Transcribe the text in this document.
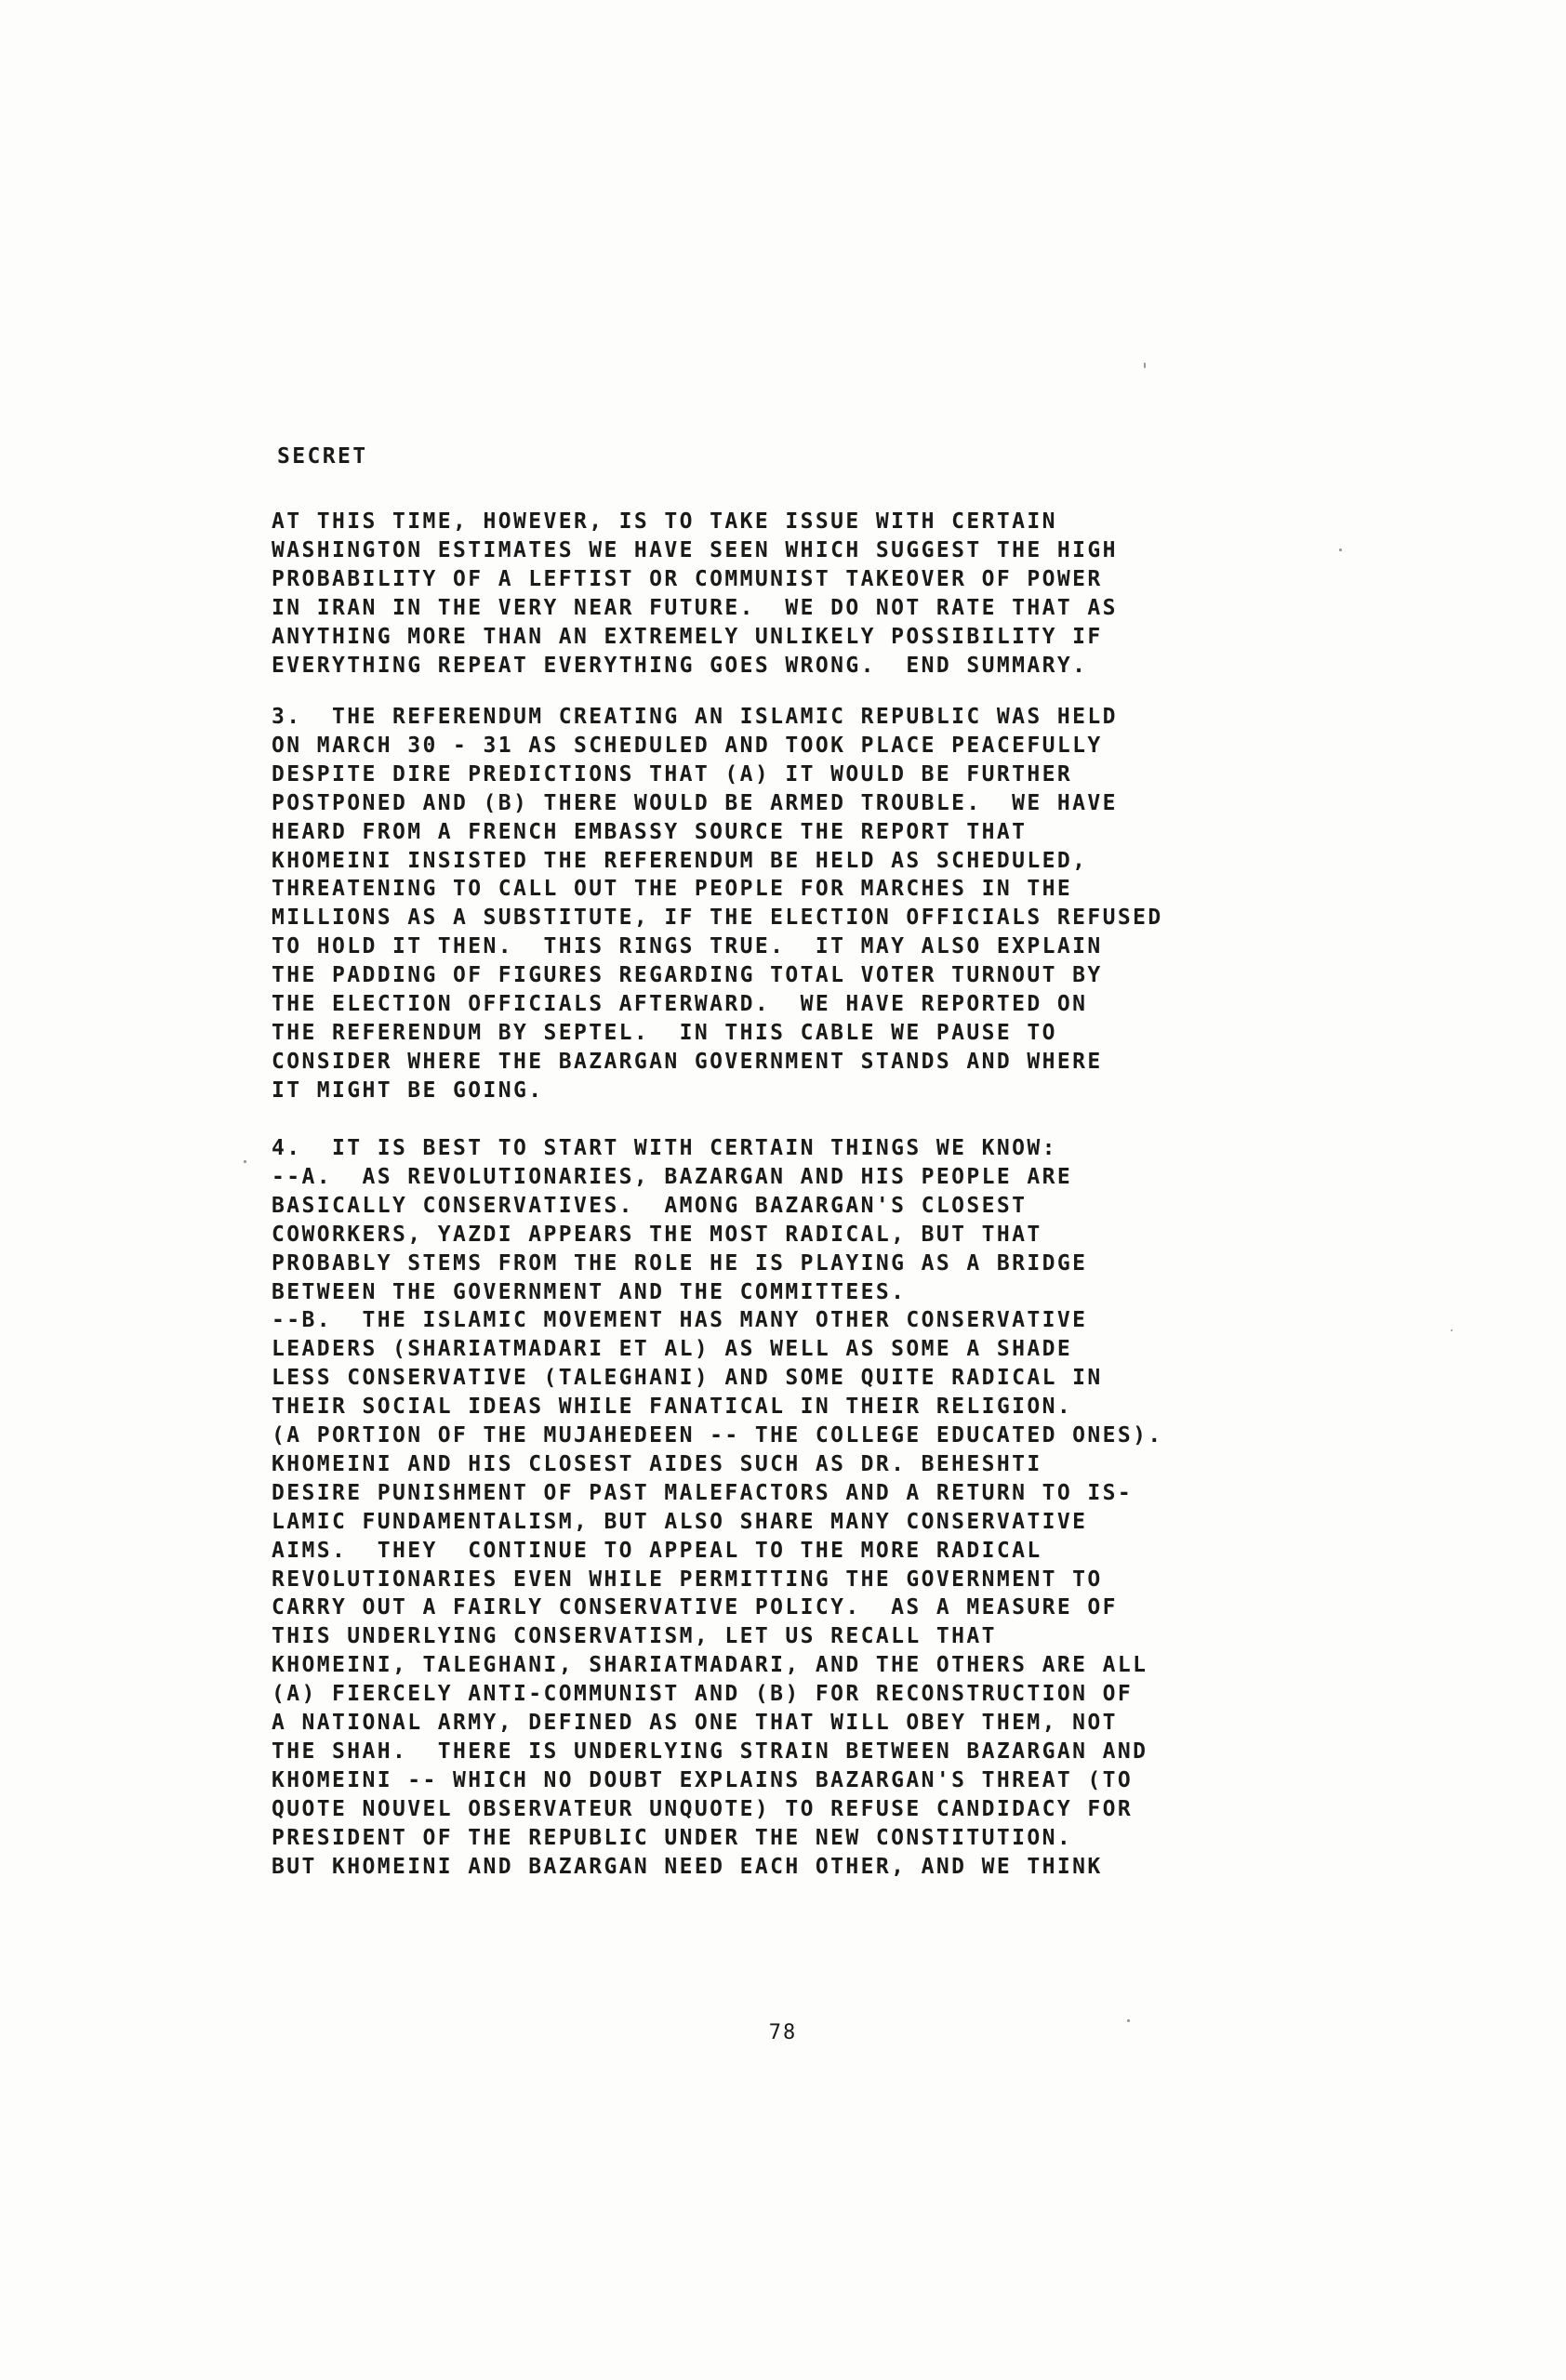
SECRET

AT THIS TIME, HOWEVER, IS TO TAKE ISSUE WITH CERTAIN

WASHINGTON ESTIMATES WE HAVE SEEN WHICH SUGGEST THE HIGH

PROBABILITY OF A LEFTIST OR COMMUNIST TAKEOVER OF POWER

IN IRAN IN THE VERY NEAR FUTURE.  WE DO NOT RATE THAT AS

ANYTHING MORE THAN AN EXTREMELY UNLIKELY POSSIBILITY IF

EVERYTHING REPEAT EVERYTHING GOES WRONG.  END SUMMARY.

3.  THE REFERENDUM CREATING AN ISLAMIC REPUBLIC WAS HELD

ON MARCH 30 - 31 AS SCHEDULED AND TOOK PLACE PEACEFULLY

DESPITE DIRE PREDICTIONS THAT (A) IT WOULD BE FURTHER

POSTPONED AND (B) THERE WOULD BE ARMED TROUBLE.  WE HAVE

HEARD FROM A FRENCH EMBASSY SOURCE THE REPORT THAT

KHOMEINI INSISTED THE REFERENDUM BE HELD AS SCHEDULED,

THREATENING TO CALL OUT THE PEOPLE FOR MARCHES IN THE

MILLIONS AS A SUBSTITUTE, IF THE ELECTION OFFICIALS REFUSED

TO HOLD IT THEN.  THIS RINGS TRUE.  IT MAY ALSO EXPLAIN

THE PADDING OF FIGURES REGARDING TOTAL VOTER TURNOUT BY

THE ELECTION OFFICIALS AFTERWARD.  WE HAVE REPORTED ON

THE REFERENDUM BY SEPTEL.  IN THIS CABLE WE PAUSE TO

CONSIDER WHERE THE BAZARGAN GOVERNMENT STANDS AND WHERE

IT MIGHT BE GOING.

4.  IT IS BEST TO START WITH CERTAIN THINGS WE KNOW:

--A.  AS REVOLUTIONARIES, BAZARGAN AND HIS PEOPLE ARE

BASICALLY CONSERVATIVES.  AMONG BAZARGAN'S CLOSEST

COWORKERS, YAZDI APPEARS THE MOST RADICAL, BUT THAT

PROBABLY STEMS FROM THE ROLE HE IS PLAYING AS A BRIDGE

BETWEEN THE GOVERNMENT AND THE COMMITTEES.

--B.  THE ISLAMIC MOVEMENT HAS MANY OTHER CONSERVATIVE

LEADERS (SHARIATMADARI ET AL) AS WELL AS SOME A SHADE

LESS CONSERVATIVE (TALEGHANI) AND SOME QUITE RADICAL IN

THEIR SOCIAL IDEAS WHILE FANATICAL IN THEIR RELIGION.

(A PORTION OF THE MUJAHEDEEN -- THE COLLEGE EDUCATED ONES).

KHOMEINI AND HIS CLOSEST AIDES SUCH AS DR. BEHESHTI

DESIRE PUNISHMENT OF PAST MALEFACTORS AND A RETURN TO IS-

LAMIC FUNDAMENTALISM, BUT ALSO SHARE MANY CONSERVATIVE

AIMS.  THEY  CONTINUE TO APPEAL TO THE MORE RADICAL

REVOLUTIONARIES EVEN WHILE PERMITTING THE GOVERNMENT TO

CARRY OUT A FAIRLY CONSERVATIVE POLICY.  AS A MEASURE OF

THIS UNDERLYING CONSERVATISM, LET US RECALL THAT

KHOMEINI, TALEGHANI, SHARIATMADARI, AND THE OTHERS ARE ALL

(A) FIERCELY ANTI-COMMUNIST AND (B) FOR RECONSTRUCTION OF

A NATIONAL ARMY, DEFINED AS ONE THAT WILL OBEY THEM, NOT

THE SHAH.  THERE IS UNDERLYING STRAIN BETWEEN BAZARGAN AND

KHOMEINI -- WHICH NO DOUBT EXPLAINS BAZARGAN'S THREAT (TO

QUOTE NOUVEL OBSERVATEUR UNQUOTE) TO REFUSE CANDIDACY FOR

PRESIDENT OF THE REPUBLIC UNDER THE NEW CONSTITUTION.

BUT KHOMEINI AND BAZARGAN NEED EACH OTHER, AND WE THINK

78
